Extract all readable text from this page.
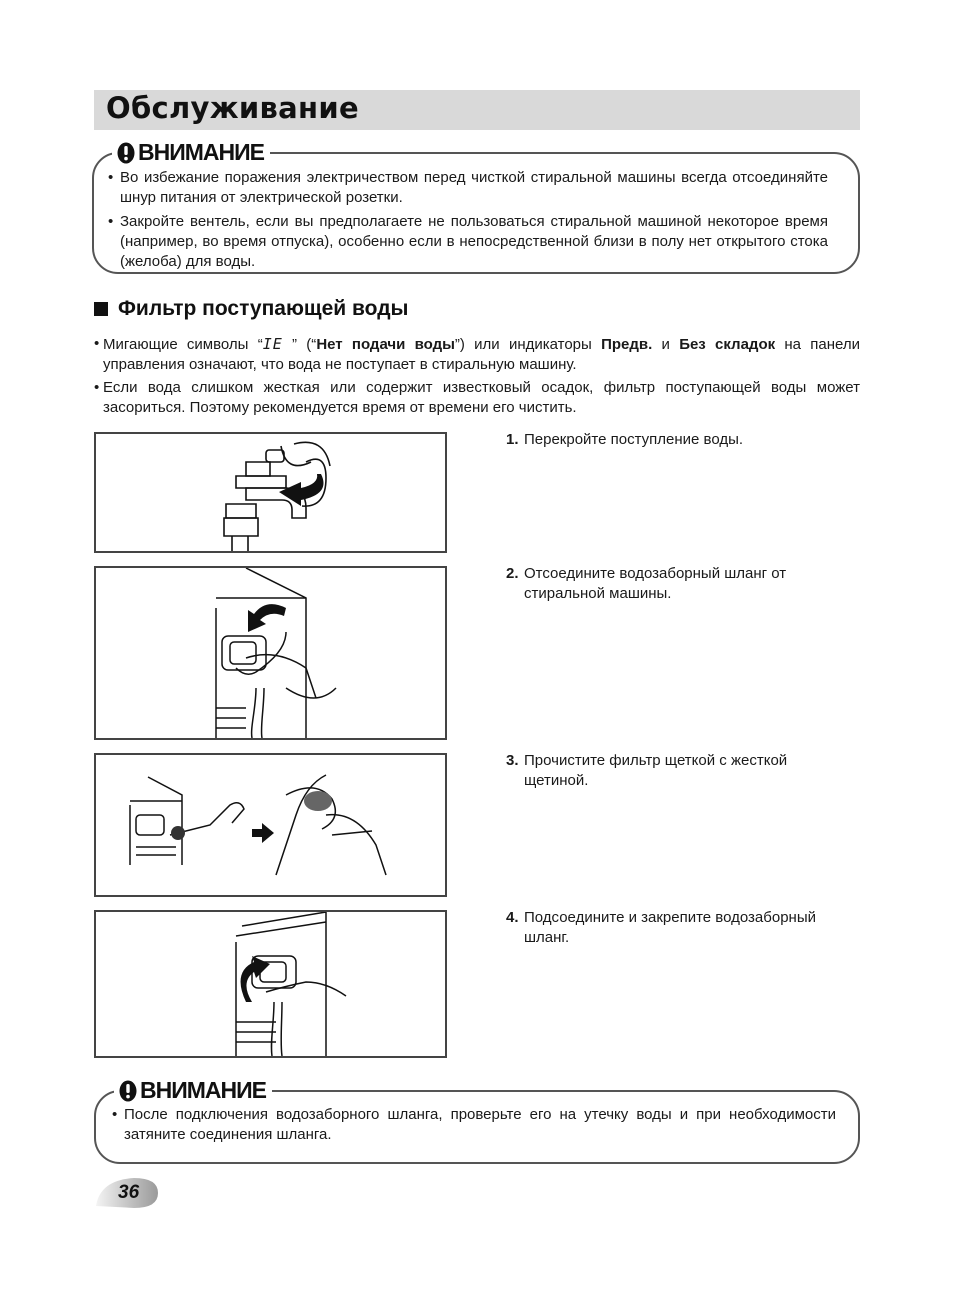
Обслуживание
ВНИМАНИЕ
• Во избежание поражения электричеством перед чисткой стиральной машины всегда отсоединяйте шнур питания от электрической розетки.
• Закройте вентель, если вы предполагаете не пользоваться стиральной машиной некоторое время (например, во время отпуска), особенно если в непосредственной близи в полу нет открытого стока (желоба) для воды.
Фильтр поступающей воды
• Мигающие символы “IE ” (“Нет подачи воды”) или индикаторы Предв. и Без складок на панели управления означают, что вода не поступает в стиральную машину.
• Если вода слишком жесткая или содержит известковый осадок, фильтр поступающей воды может засориться. Поэтому рекомендуется время от времени его чистить.
1. Перекройте поступление воды.
2. Отсоедините водозаборный шланг от стиральной машины.
3. Прочистите фильтр щеткой с жесткой щетиной.
4. Подсоедините и закрепите водозаборный шланг.
ВНИМАНИЕ
• После подключения водозаборного шланга, проверьте его на утечку воды и при необходимости затяните соединения шланга.
36
